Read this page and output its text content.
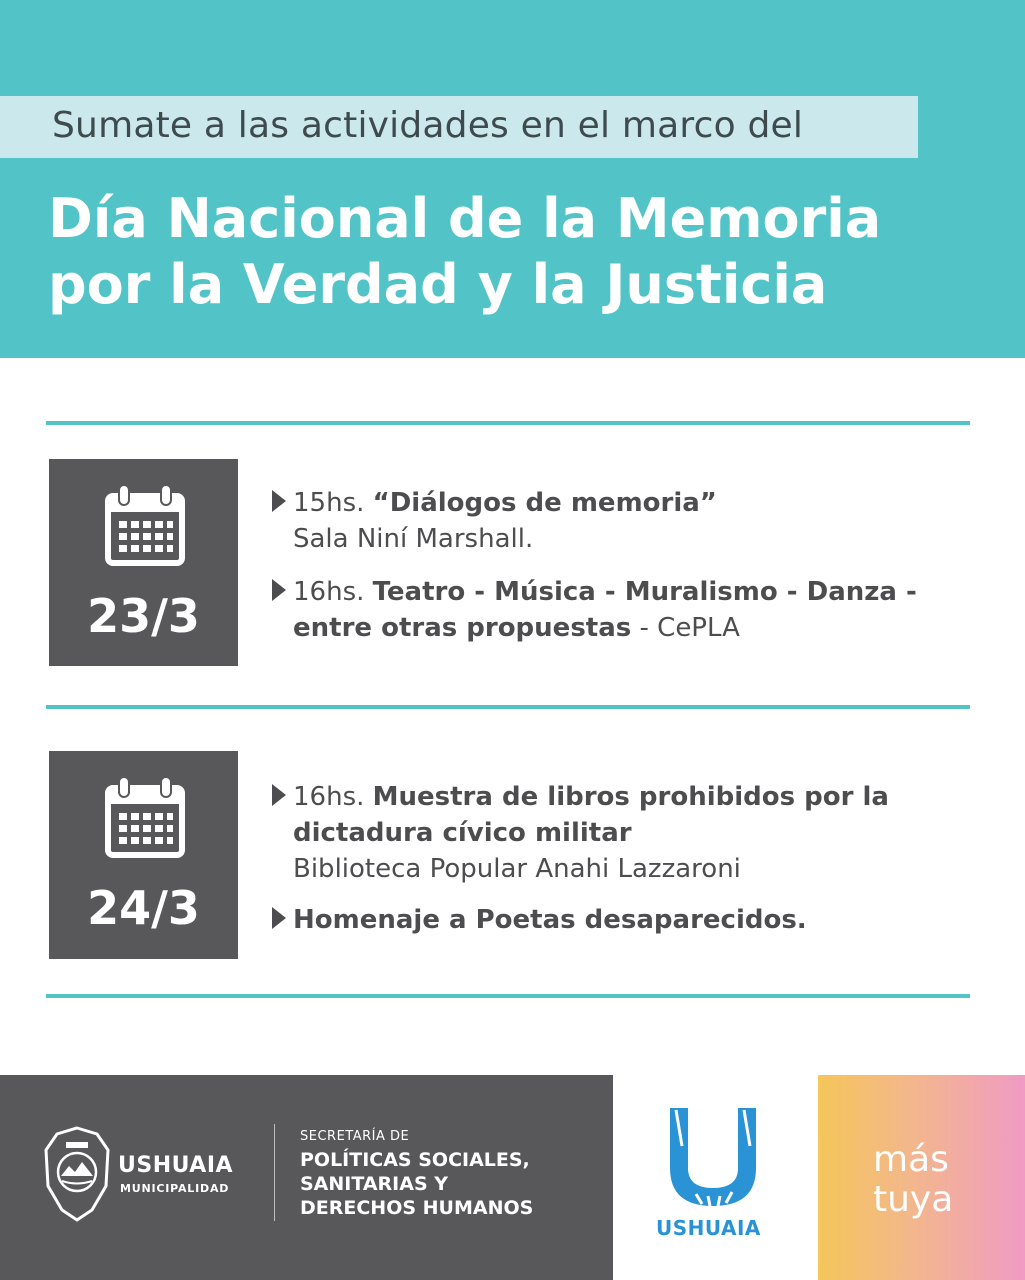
Sumate a las actividades en el marco del
Día Nacional de la Memoria
por la Verdad y la Justicia
23/3
15hs. “Diálogos de memoria”
Sala Niní Marshall.
16hs. Teatro - Música - Muralismo - Danza -
entre otras propuestas - CePLA
24/3
16hs. Muestra de libros prohibidos por la
dictadura cívico militar
Biblioteca Popular Anahi Lazzaroni
Homenaje a Poetas desaparecidos.
USHUAIA
MUNICIPALIDAD
SECRETARÍA DE
POLÍTICAS SOCIALES,
SANITARIAS Y
DERECHOS HUMANOS
USHUAIA
más
tuya
